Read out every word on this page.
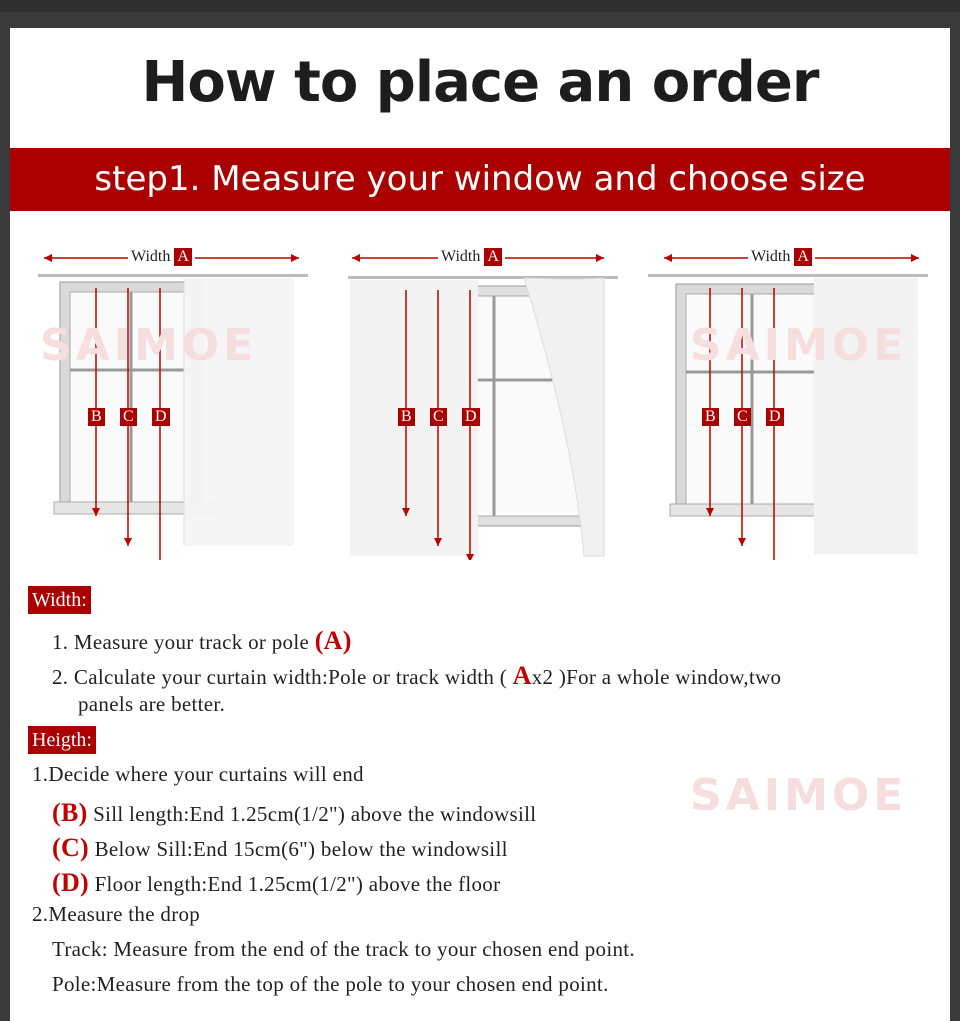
How to place an order
step1. Measure your window and choose size
Width A
B C D
Width A
B C D
Width A
B C D
SAIMOE	SAIMOE
SAIMOE
Width:
1. Measure your track or pole (A)
2. Calculate your curtain width:Pole or track width ( Ax2 )For a whole window,two
panels are better.
Heigth:
1.Decide where your curtains will end
(B) Sill length:End 1.25cm(1/2") above the windowsill
(C) Below Sill:End 15cm(6") below the windowsill
(D) Floor length:End 1.25cm(1/2") above the floor
2.Measure the drop
Track: Measure from the end of the track to your chosen end point.
Pole:Measure from the top of the pole to your chosen end point.
